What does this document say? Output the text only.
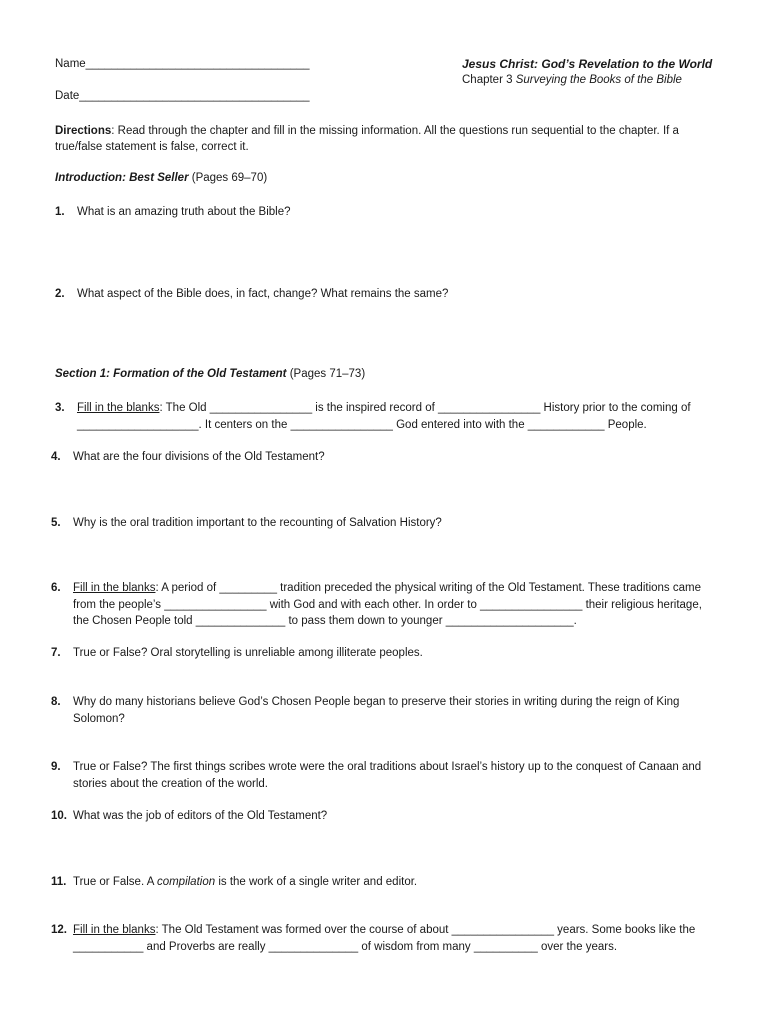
Name___________________________________
Date____________________________________
Jesus Christ: God’s Revelation to the World
Chapter 3 Surveying the Books of the Bible
Directions: Read through the chapter and fill in the missing information. All the questions run sequential to the chapter. If a true/false statement is false, correct it.
Introduction: Best Seller (Pages 69–70)
1. What is an amazing truth about the Bible?

2. What aspect of the Bible does, in fact, change? What remains the same?

Section 1: Formation of the Old Testament (Pages 71–73)
3. Fill in the blanks: The Old ________________ is the inspired record of ________________ History prior to the coming of ___________________. It centers on the ________________ God entered into with the ____________ People.

4. What are the four divisions of the Old Testament?

5. Why is the oral tradition important to the recounting of Salvation History?

6. Fill in the blanks: A period of _________ tradition preceded the physical writing of the Old Testament. These traditions came from the people’s ________________ with God and with each other. In order to ________________ their religious heritage, the Chosen People told ______________ to pass them down to younger ____________________.

7. True or False? Oral storytelling is unreliable among illiterate peoples.

8. Why do many historians believe God’s Chosen People began to preserve their stories in writing during the reign of King Solomon?

9. True or False? The first things scribes wrote were the oral traditions about Israel’s history up to the conquest of Canaan and stories about the creation of the world.

10. What was the job of editors of the Old Testament?

11. True or False. A compilation is the work of a single writer and editor.

12. Fill in the blanks: The Old Testament was formed over the course of about ________________ years. Some books like the ___________ and Proverbs are really ______________ of wisdom from many __________ over the years.
